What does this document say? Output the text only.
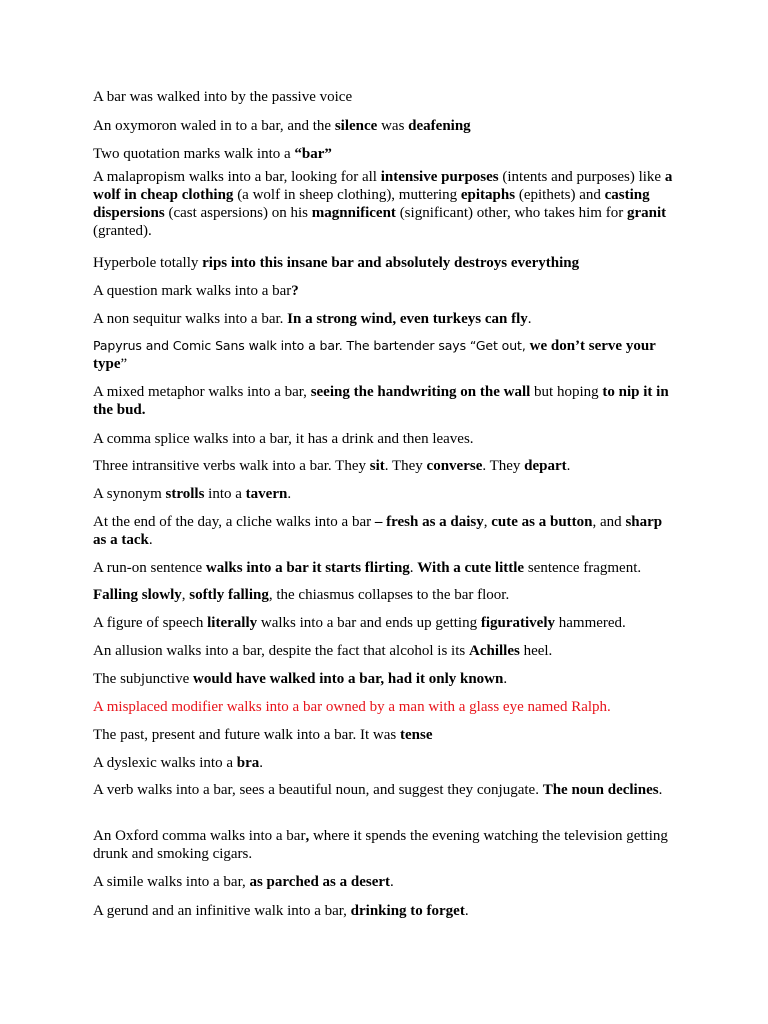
A bar was walked into by the passive voice

An oxymoron waled in to a bar, and the silence was deafening

Two quotation marks walk into a “bar”

A malapropism walks into a bar, looking for all intensive purposes (intents and purposes) like a wolf in cheap clothing (a wolf in sheep clothing), muttering epitaphs (epithets) and casting dispersions (cast aspersions) on his magnnificent (significant) other, who takes him for granit (granted).

Hyperbole totally rips into this insane bar and absolutely destroys everything

A question mark walks into a bar?

A non sequitur walks into a bar. In a strong wind, even turkeys can fly.

Papyrus and Comic Sans walk into a bar. The bartender says “Get out, we don’t serve your type”

A mixed metaphor walks into a bar, seeing the handwriting on the wall but hoping to nip it in the bud.

A comma splice walks into a bar, it has a drink and then leaves.

Three intransitive verbs walk into a bar. They sit. They converse. They depart.

A synonym strolls into a tavern.

At the end of the day, a cliche walks into a bar – fresh as a daisy, cute as a button, and sharp as a tack.

A run-on sentence walks into a bar it starts flirting. With a cute little sentence fragment.

Falling slowly, softly falling, the chiasmus collapses to the bar floor.

A figure of speech literally walks into a bar and ends up getting figuratively hammered.

An allusion walks into a bar, despite the fact that alcohol is its Achilles heel.

The subjunctive would have walked into a bar, had it only known.

A misplaced modifier walks into a bar owned by a man with a glass eye named Ralph.

The past, present and future walk into a bar. It was tense

A dyslexic walks into a bra.

A verb walks into a bar, sees a beautiful noun, and suggest they conjugate. The noun declines.

An Oxford comma walks into a bar, where it spends the evening watching the television getting drunk and smoking cigars.

A simile walks into a bar, as parched as a desert.

A gerund and an infinitive walk into a bar, drinking to forget.
